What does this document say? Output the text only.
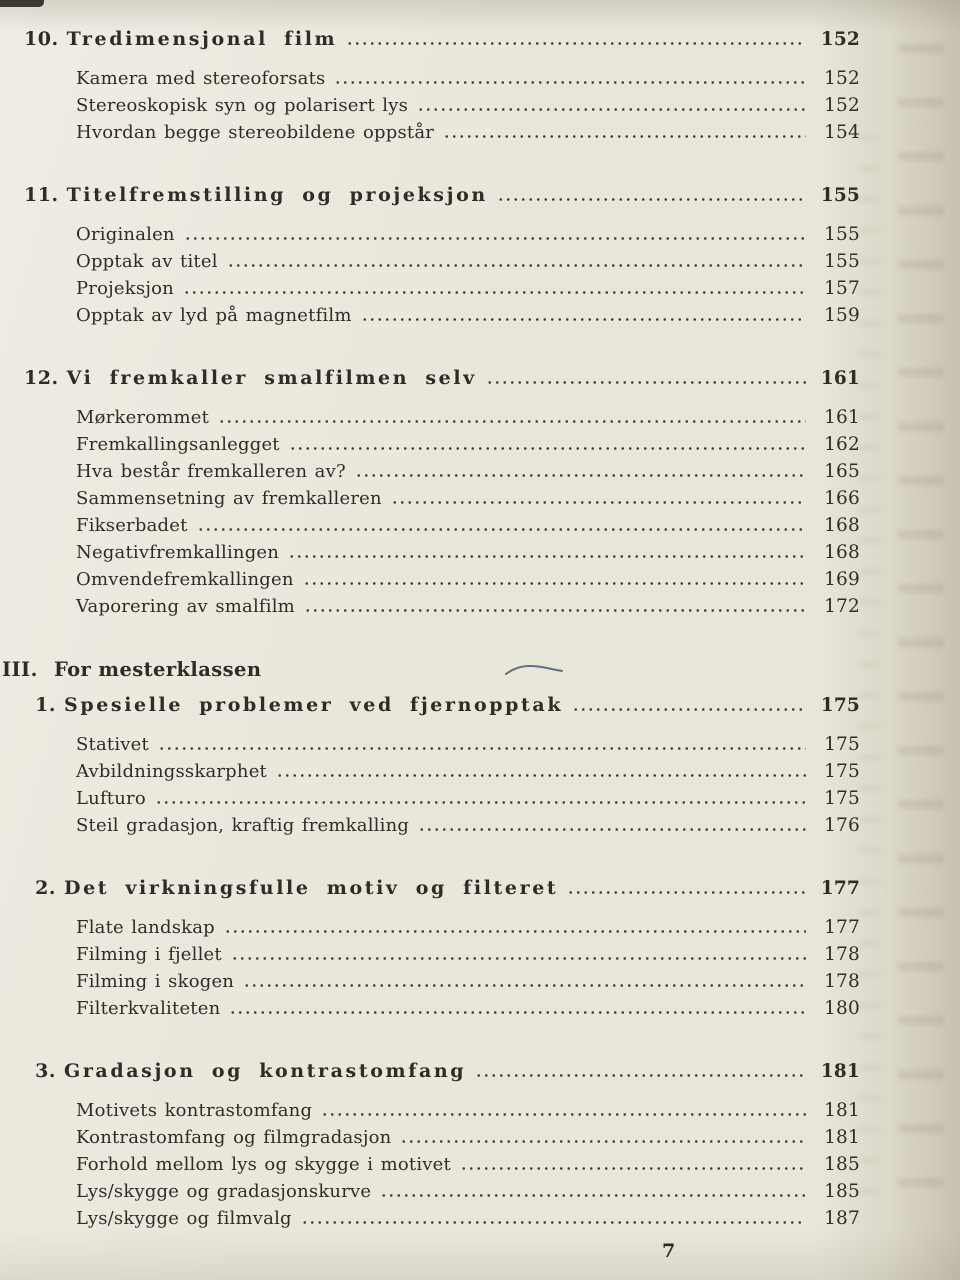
10. Tredimensjonal film	152
Kamera med stereoforsats	152
Stereoskopisk syn og polarisert lys	152
Hvordan begge stereobildene oppstår	154
11. Titelfremstilling og projeksjon	155
Originalen	155
Opptak av titel	155
Projeksjon	157
Opptak av lyd på magnetfilm	159
12. Vi fremkaller smalfilmen selv	161
Mørkerommet	161
Fremkallingsanlegget	162
Hva består fremkalleren av?	165
Sammensetning av fremkalleren	166
Fikserbadet	168
Negativfremkallingen	168
Omvendefremkallingen	169
Vaporering av smalfilm	172
III. For mesterklassen
1. Spesielle problemer ved fjernopptak	175
Stativet	175
Avbildningsskarphet	175
Lufturo	175
Steil gradasjon, kraftig fremkalling	176
2. Det virkningsfulle motiv og filteret	177
Flate landskap	177
Filming i fjellet	178
Filming i skogen	178
Filterkvaliteten	180
3. Gradasjon og kontrastomfang	181
Motivets kontrastomfang	181
Kontrastomfang og filmgradasjon	181
Forhold mellom lys og skygge i motivet	185
Lys/skygge og gradasjonskurve	185
Lys/skygge og filmvalg	187
7
